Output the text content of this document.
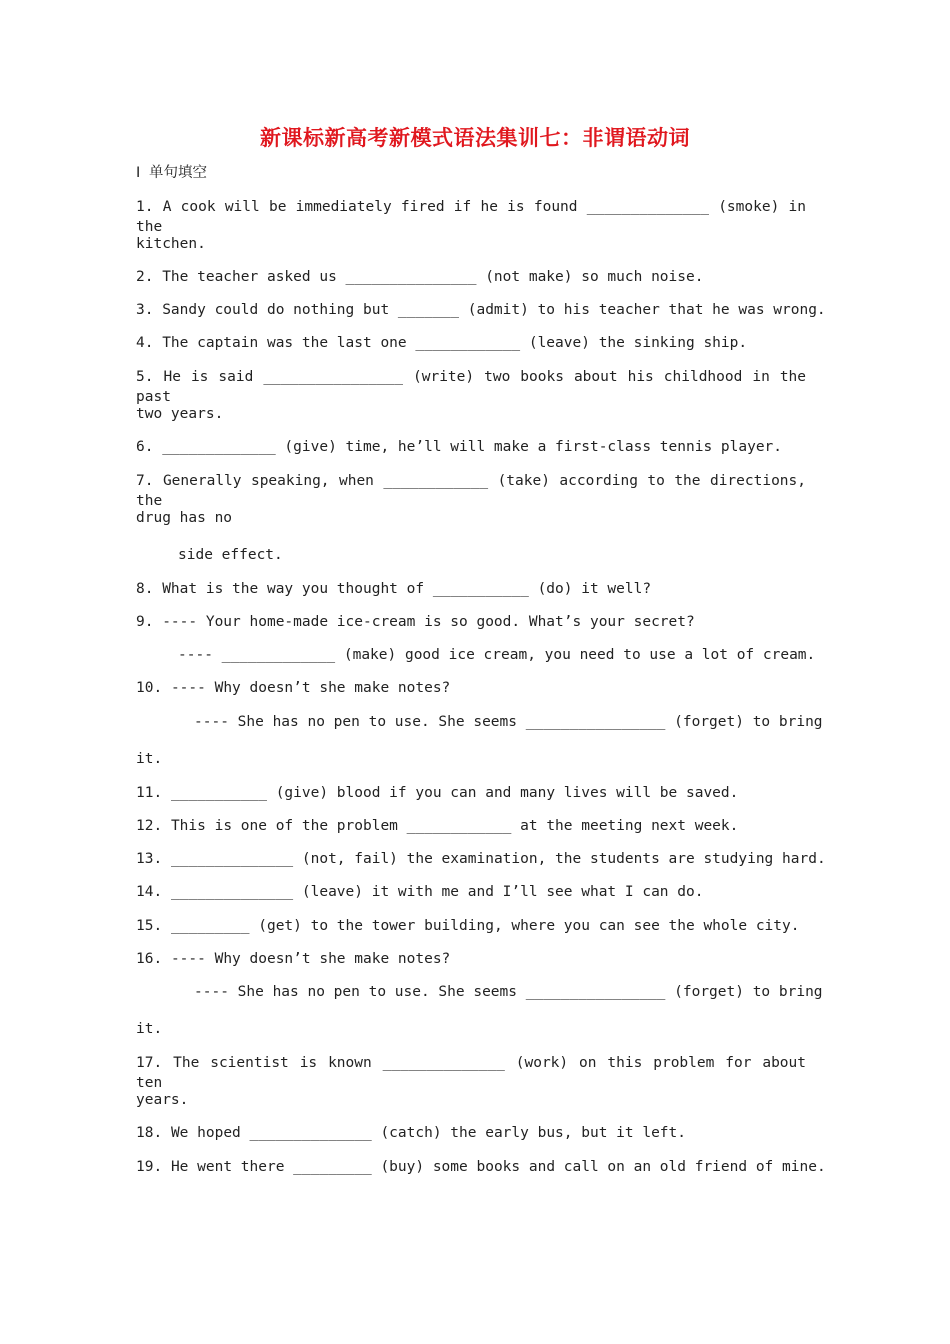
新课标新高考新模式语法集训七：非谓语动词
Ⅰ 单句填空
1. A cook will be immediately fired if he is found ______________ (smoke) in the
kitchen.
2. The teacher asked us _______________ (not make) so much noise.
3. Sandy could do nothing but _______ (admit) to his teacher that he was wrong.
4. The captain was the last one ____________ (leave) the sinking ship.
5. He is said ________________ (write) two books about his childhood in the past
two years.
6. _____________ (give) time, he’ll will make a first-class tennis player.
7. Generally speaking, when ____________ (take) according to the directions, the
drug has no
side effect.
8. What is the way you thought of ___________ (do) it well?
9. ---- Your home-made ice-cream is so good. What’s your secret?
---- _____________ (make) good ice cream, you need to use a lot of cream.
10. ---- Why doesn’t she make notes?
---- She has no pen to use. She seems ________________ (forget) to bring
it.
11. ___________ (give) blood if you can and many lives will be saved.
12. This is one of the problem ____________ at the meeting next week.
13. ______________ (not, fail) the examination, the students are studying hard.
14. ______________ (leave) it with me and I’ll see what I can do.
15. _________ (get) to the tower building, where you can see the whole city.
16. ---- Why doesn’t she make notes?
---- She has no pen to use. She seems ________________ (forget) to bring
it.
17. The scientist is known ______________ (work) on this problem for about ten
years.
18. We hoped ______________ (catch) the early bus, but it left.
19. He went there _________ (buy) some books and call on an old friend of mine.
